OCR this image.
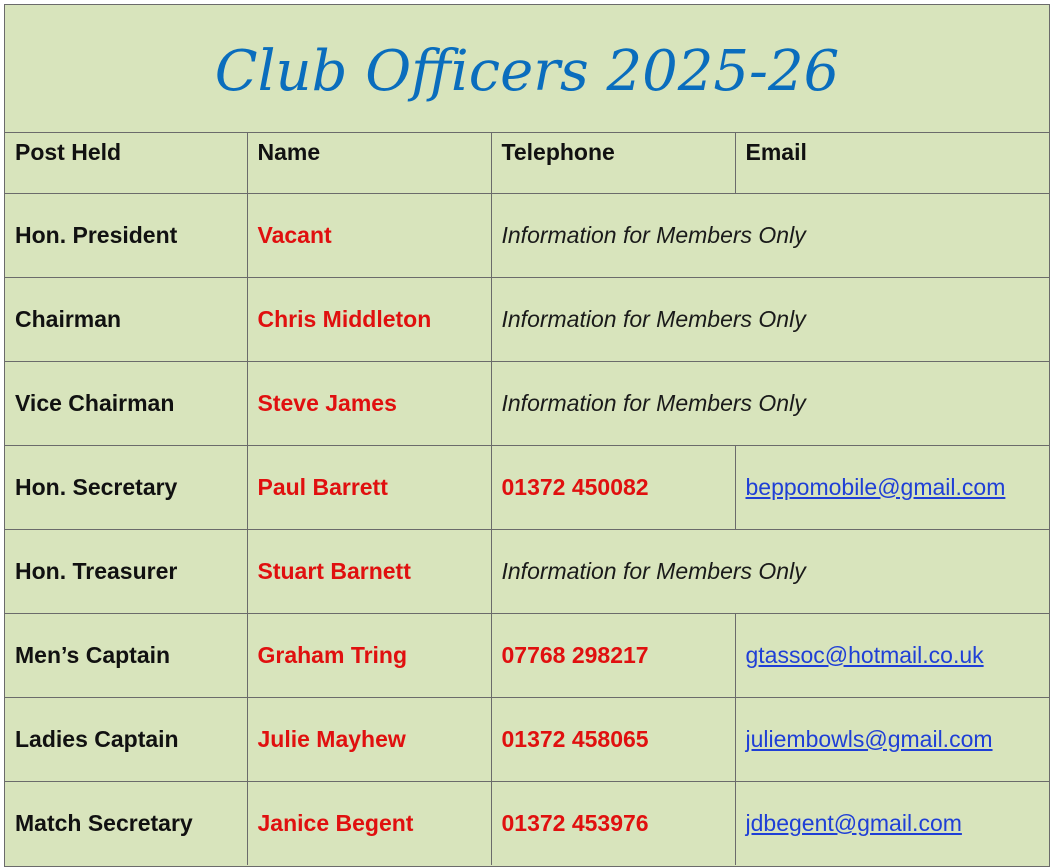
Club Officers 2025-26
Post Held	Name	Telephone	Email
Hon. President	Vacant	Information for Members Only	
Chairman	Chris Middleton	Information for Members Only	
Vice Chairman	Steve James	Information for Members Only	
Hon. Secretary	Paul Barrett	01372 450082	beppomobile@gmail.com
Hon. Treasurer	Stuart Barnett	Information for Members Only	
Men’s Captain	Graham Tring	07768 298217	gtassoc@hotmail.co.uk
Ladies Captain	Julie Mayhew	01372 458065	juliembowls@gmail.com
Match Secretary	Janice Begent	01372 453976	jdbegent@gmail.com
